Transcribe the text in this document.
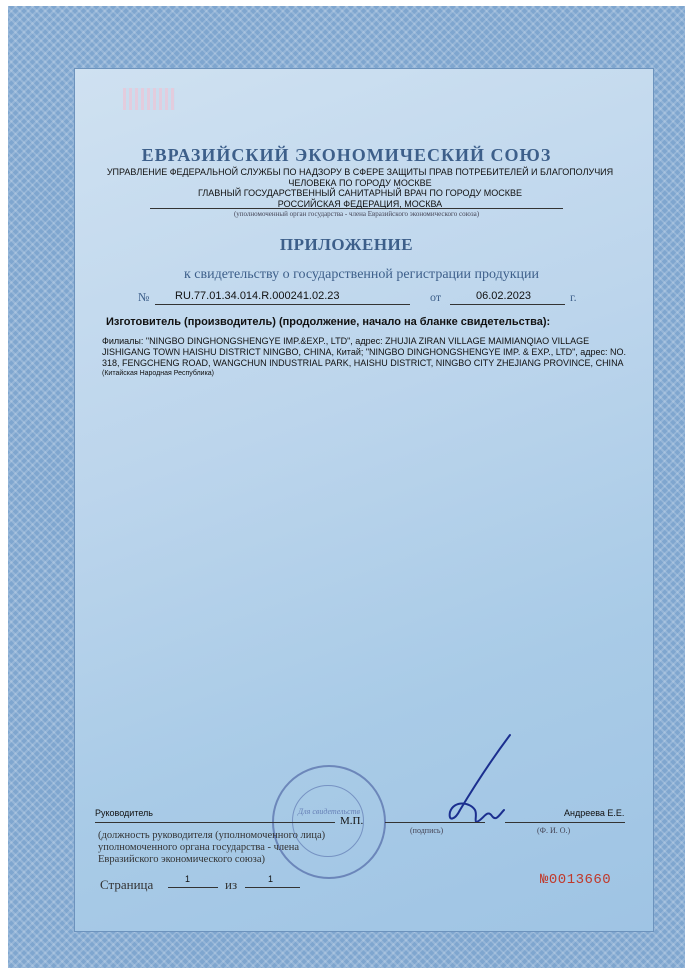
ЕВРАЗИЙСКИЙ ЭКОНОМИЧЕСКИЙ СОЮЗ
УПРАВЛЕНИЕ ФЕДЕРАЛЬНОЙ СЛУЖБЫ ПО НАДЗОРУ В СФЕРЕ ЗАЩИТЫ ПРАВ ПОТРЕБИТЕЛЕЙ И БЛАГОПОЛУЧИЯ
ЧЕЛОВЕКА ПО ГОРОДУ МОСКВЕ
ГЛАВНЫЙ ГОСУДАРСТВЕННЫЙ САНИТАРНЫЙ ВРАЧ ПО ГОРОДУ МОСКВЕ
РОССИЙСКАЯ ФЕДЕРАЦИЯ, МОСКВА
(уполномоченный орган государства - члена Евразийского экономического союза)
ПРИЛОЖЕНИЕ
к свидетельству о государственной регистрации продукции
№ RU.77.01.34.014.R.000241.02.23	от	06.02.2023	г.
Изготовитель (производитель) (продолжение, начало на бланке свидетельства):
Филиалы: "NINGBO DINGHONGSHENGYE IMP.&EXP., LTD", адрес: ZHUJIA ZIRAN VILLAGE MAIMIANQIAO VILLAGE JISHIGANG TOWN HAISHU DISTRICT NINGBO, CHINA, Китай; "NINGBO DINGHONGSHENGYE IMP. & EXP., LTD", адрес: NO. 318, FENGCHENG ROAD, WANGCHUN INDUSTRIAL PARK, HAISHU DISTRICT, NINGBO CITY ZHEJIANG PROVINCE, CHINA
(Китайская Народная Республика)
Для свидетельств
Руководитель
М.П.
Андреева Е.Е.
(подпись)	(Ф. И. О.)
(должность руководителя (уполномоченного лица) уполномоченного органа государства - члена Евразийского экономического союза)
Страница	1	из	1	№0013660
